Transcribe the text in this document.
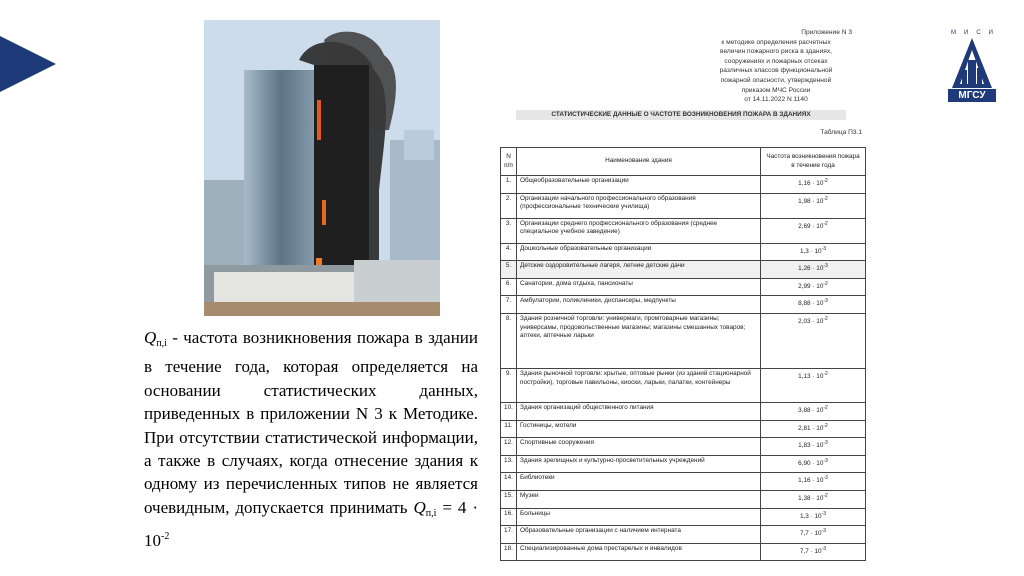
$Q_{п,i}$ - частота возникновения пожара в здании в течение года, которая определяется на основании статистических данных, приведенных в приложении N 3 к Методике. При отсутствии статистической информации, а также в случаях, когда отнесение здания к одному из перечисленных типов не является очевидным, допускается принимать $Q_{п,i} = 4 \cdot 10^{-2}$
Приложение N 3
к методике определения расчетных
величин пожарного риска в зданиях,
сооружениях и пожарных отсеках
различных классов функциональной
пожарной опасности, утвержденной
приказом МЧС России
от 14.11.2022 N 1140
СТАТИСТИЧЕСКИЕ ДАННЫЕ О ЧАСТОТЕ ВОЗНИКНОВЕНИЯ ПОЖАРА В ЗДАНИЯХ
Таблица П3.1
N п/п	Наименование здания	Частота возникновения пожара в течение года
1.	Общеобразовательные организации	$1,16 \cdot 10^{-2}$
2.	Организации начального профессионального образования (профессиональные технические училища)	$1,98 \cdot 10^{-2}$
3.	Организации среднего профессионального образования (среднее специальное учебное заведение)	$2,69 \cdot 10^{-2}$
4.	Дошкольные образовательные организации	$1,3 \cdot 10^{-3}$
5.	Детские оздоровительные лагеря, летние детские дачи	$1,26 \cdot 10^{-3}$
6.	Санатории, дома отдыха, пансионаты	$2,99 \cdot 10^{-2}$
7.	Амбулатории, поликлиники, диспансеры, медпункты	$8,88 \cdot 10^{-3}$
8.	Здания розничной торговли: универмаги, промтоварные магазины; универсамы, продовольственные магазины; магазины смешанных товаров; аптеки, аптечные ларьки	$2,03 \cdot 10^{-2}$
9.	Здания рыночной торговли: крытые, оптовые рынки (из зданий стационарной постройки), торговые павильоны, киоски, ларьки, палатки, контейнеры	$1,13 \cdot 10^{-2}$
10.	Здания организаций общественного питания	$3,88 \cdot 10^{-2}$
11.	Гостиницы, мотели	$2,81 \cdot 10^{-2}$
12.	Спортивные сооружения	$1,83 \cdot 10^{-3}$
13.	Здания зрелищных и культурно-просветительных учреждений	$6,90 \cdot 10^{-3}$
14.	Библиотеки	$1,16 \cdot 10^{-3}$
15.	Музеи	$1,38 \cdot 10^{-2}$
16.	Больницы	$1,3 \cdot 10^{-3}$
17.	Образовательные организации с наличием интерната	$7,7 \cdot 10^{-3}$
18.	Специализированные дома престарелых и инвалидов	$7,7 \cdot 10^{-3}$
М И С И
МГСУ
